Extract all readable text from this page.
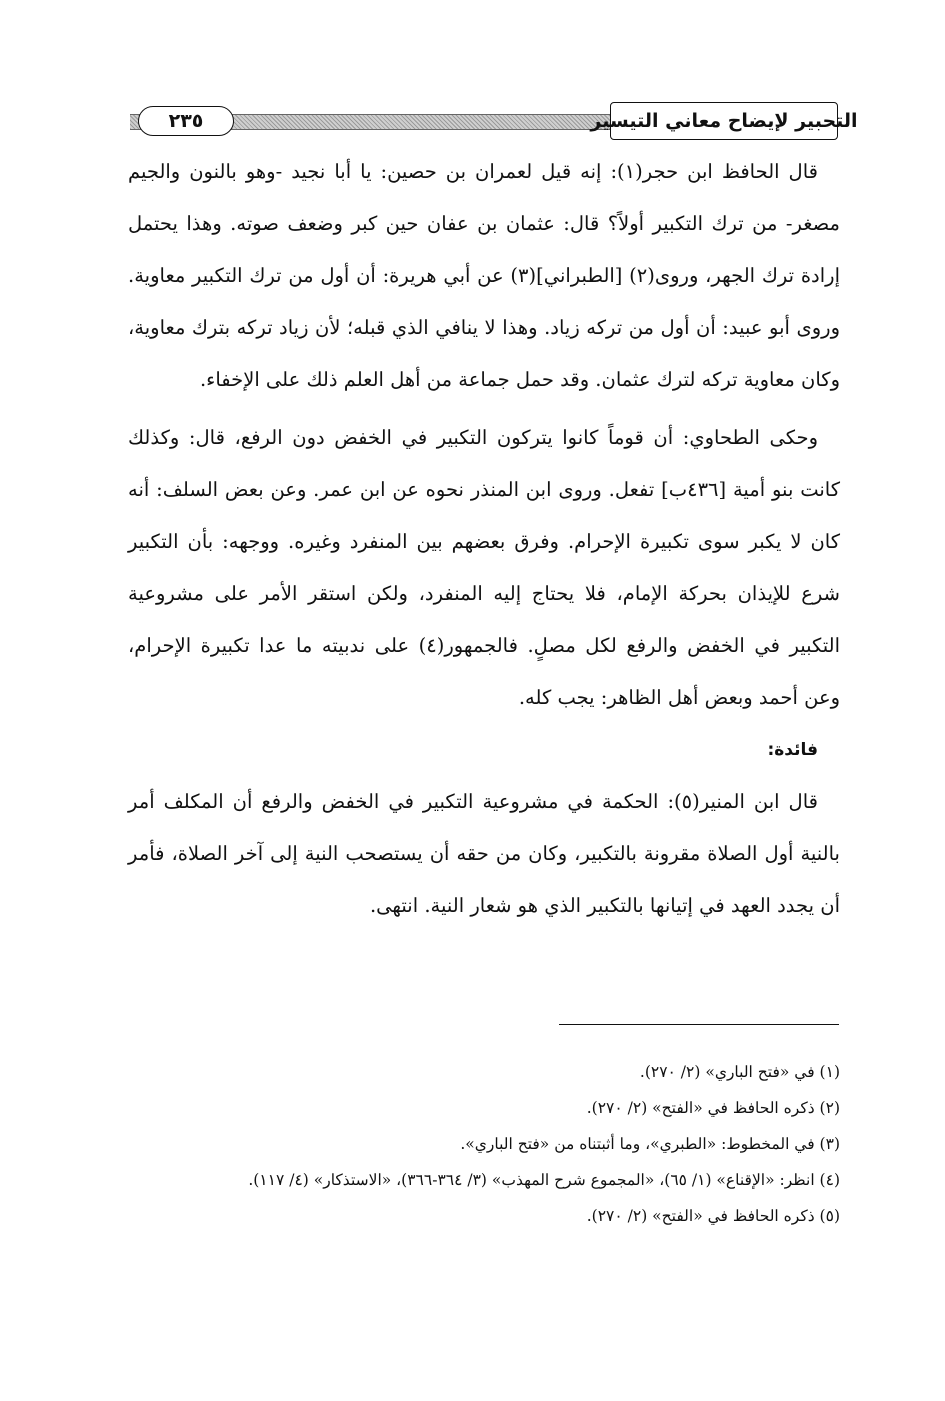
٢٣٥	التحبير لإيضاح معاني التيسير

قال الحافظ ابن حجر(١): إنه قيل لعمران بن حصين: يا أبا نجيد -وهو بالنون والجيم مصغر- من ترك التكبير أولاً؟ قال: عثمان بن عفان حين كبر وضعف صوته. وهذا يحتمل إرادة ترك الجهر، وروى(٢) [الطبراني](٣) عن أبي هريرة: أن أول من ترك التكبير معاوية. وروى أبو عبيد: أن أول من تركه زياد. وهذا لا ينافي الذي قبله؛ لأن زياد تركه بترك معاوية، وكان معاوية تركه لترك عثمان. وقد حمل جماعة من أهل العلم ذلك على الإخفاء.

وحكى الطحاوي: أن قوماً كانوا يتركون التكبير في الخفض دون الرفع، قال: وكذلك كانت بنو أمية [٤٣٦ب] تفعل. وروى ابن المنذر نحوه عن ابن عمر. وعن بعض السلف: أنه كان لا يكبر سوى تكبيرة الإحرام. وفرق بعضهم بين المنفرد وغيره. ووجهه: بأن التكبير شرع للإيذان بحركة الإمام، فلا يحتاج إليه المنفرد، ولكن استقر الأمر على مشروعية التكبير في الخفض والرفع لكل مصلٍ. فالجمهور(٤) على ندبيته ما عدا تكبيرة الإحرام، وعن أحمد وبعض أهل الظاهر: يجب كله.

فائدة:

قال ابن المنير(٥): الحكمة في مشروعية التكبير في الخفض والرفع أن المكلف أمر بالنية أول الصلاة مقرونة بالتكبير، وكان من حقه أن يستصحب النية إلى آخر الصلاة، فأمر أن يجدد العهد في إتيانها بالتكبير الذي هو شعار النية. انتهى.

(١) في «فتح الباري» (٢/ ٢٧٠).
(٢) ذكره الحافظ في «الفتح» (٢/ ٢٧٠).
(٣) في المخطوط: «الطبري»، وما أثبتناه من «فتح الباري».
(٤) انظر: «الإقناع» (١/ ٦٥)، «المجموع شرح المهذب» (٣/ ٣٦٤-٣٦٦)، «الاستذكار» (٤/ ١١٧).
(٥) ذكره الحافظ في «الفتح» (٢/ ٢٧٠).
